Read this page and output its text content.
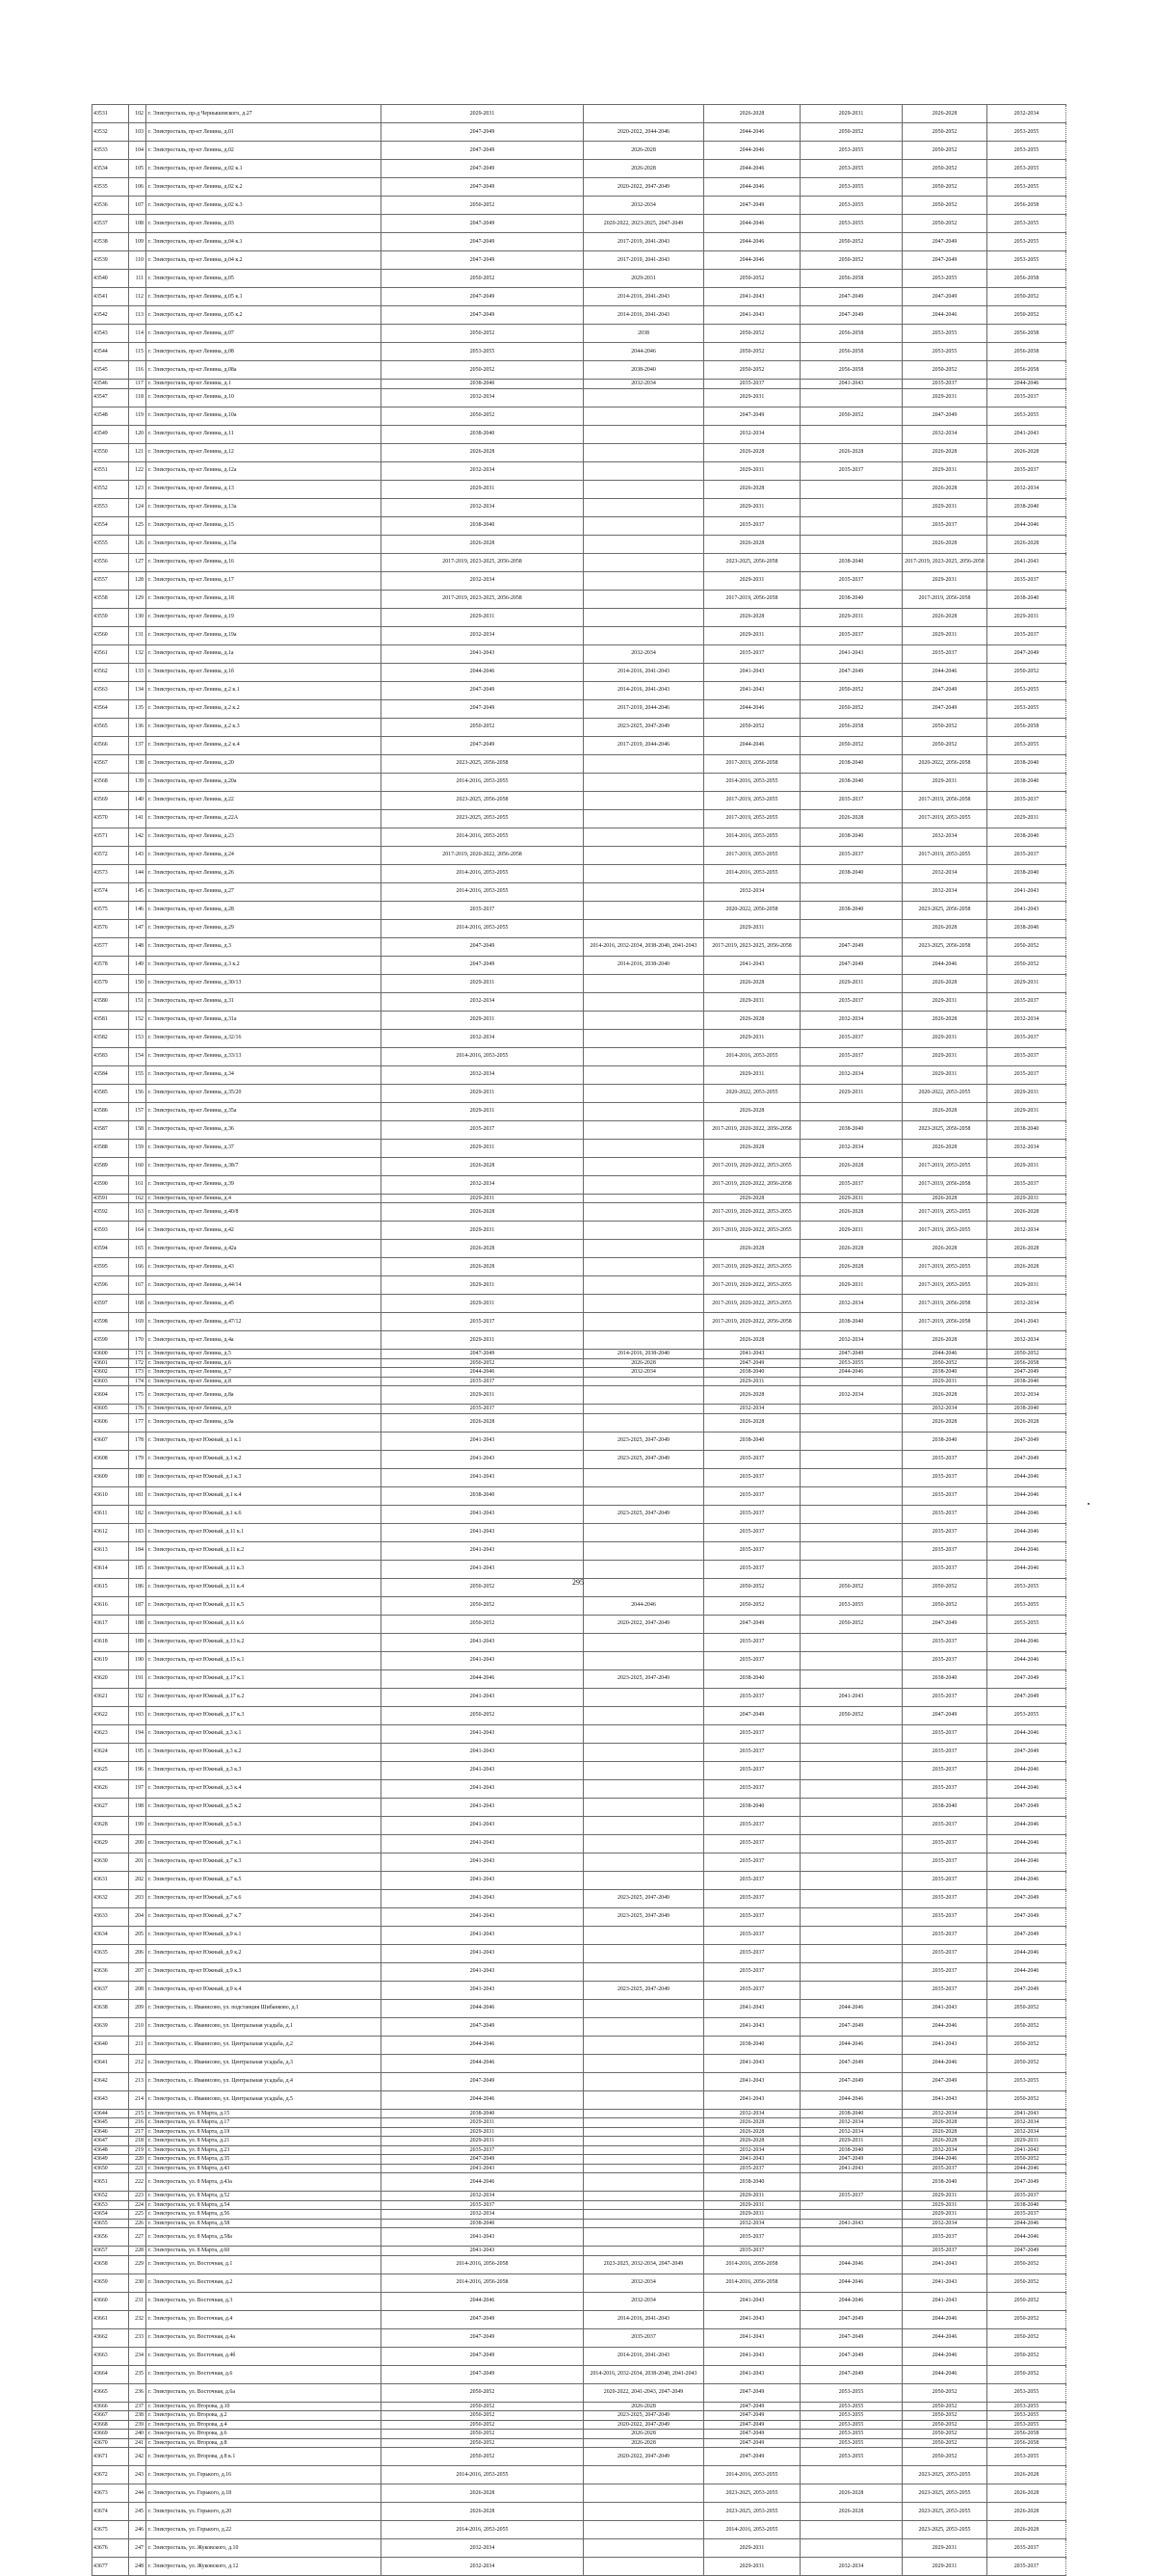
43531	102	г. Электросталь, пр-д Чернышевского, д.27	2029-2031		2026-2028	2029-2031	2026-2028	2032-2034
43532	103	г. Электросталь, пр-кт Ленина, д.01	2047-2049	2020-2022, 2044-2046	2044-2046	2050-2052	2050-2052	2053-2055
43533	104	г. Электросталь, пр-кт Ленина, д.02	2047-2049	2026-2028	2044-2046	2053-2055	2050-2052	2053-2055
43534	105	г. Электросталь, пр-кт Ленина, д.02 к.1	2047-2049	2026-2028	2044-2046	2053-2055	2050-2052	2053-2055
43535	106	г. Электросталь, пр-кт Ленина, д.02 к.2	2047-2049	2020-2022, 2047-2049	2044-2046	2053-2055	2050-2052	2053-2055
43536	107	г. Электросталь, пр-кт Ленина, д.02 к.3	2050-2052	2032-2034	2047-2049	2053-2055	2050-2052	2056-2058
43537	108	г. Электросталь, пр-кт Ленина, д.03	2047-2049	2020-2022, 2023-2025, 2047-2049	2044-2046	2053-2055	2050-2052	2053-2055
43538	109	г. Электросталь, пр-кт Ленина, д.04 к.1	2047-2049	2017-2019, 2041-2043	2044-2046	2050-2052	2047-2049	2053-2055
43539	110	г. Электросталь, пр-кт Ленина, д.04 к.2	2047-2049	2017-2019, 2041-2043	2044-2046	2050-2052	2047-2049	2053-2055
43540	111	г. Электросталь, пр-кт Ленина, д.05	2050-2052	2029-2031	2050-2052	2056-2058	2053-2055	2056-2058
43541	112	г. Электросталь, пр-кт Ленина, д.05 к.1	2047-2049	2014-2016, 2041-2043	2041-2043	2047-2049	2047-2049	2050-2052
43542	113	г. Электросталь, пр-кт Ленина, д.05 к.2	2047-2049	2014-2016, 2041-2043	2041-2043	2047-2049	2044-2046	2050-2052
43543	114	г. Электросталь, пр-кт Ленина, д.07	2050-2052	2038	2050-2052	2056-2058	2053-2055	2056-2058
43544	115	г. Электросталь, пр-кт Ленина, д.08	2053-2055	2044-2046	2050-2052	2056-2058	2053-2055	2056-2058
43545	116	г. Электросталь, пр-кт Ленина, д.08а	2050-2052	2038-2040	2050-2052	2056-2058	2050-2052	2056-2058
43546	117	г. Электросталь, пр-кт Ленина, д.1	2038-2040	2032-2034	2035-2037	2041-2043	2035-2037	2044-2046
43547	118	г. Электросталь, пр-кт Ленина, д.10	2032-2034		2029-2031		2029-2031	2035-2037
43548	119	г. Электросталь, пр-кт Ленина, д.10а	2050-2052		2047-2049	2050-2052	2047-2049	2053-2055
43549	120	г. Электросталь, пр-кт Ленина, д.11	2038-2040		2032-2034		2032-2034	2041-2043
43550	121	г. Электросталь, пр-кт Ленина, д.12	2026-2028		2026-2028	2026-2028	2026-2028	2026-2028
43551	122	г. Электросталь, пр-кт Ленина, д.12а	2032-2034		2029-2031	2035-2037	2029-2031	2035-2037
43552	123	г. Электросталь, пр-кт Ленина, д.13	2029-2031		2026-2028		2026-2028	2032-2034
43553	124	г. Электросталь, пр-кт Ленина, д.13а	2032-2034		2029-2031		2029-2031	2038-2040
43554	125	г. Электросталь, пр-кт Ленина, д.15	2038-2040		2035-2037		2035-2037	2044-2046
43555	126	г. Электросталь, пр-кт Ленина, д.15а	2026-2028		2026-2028		2026-2028	2026-2028
43556	127	г. Электросталь, пр-кт Ленина, д.16	2017-2019, 2023-2025, 2056-2058		2023-2025, 2056-2058	2038-2040	2017-2019, 2023-2025, 2056-2058	2041-2043
43557	128	г. Электросталь, пр-кт Ленина, д.17	2032-2034		2029-2031	2035-2037	2029-2031	2035-2037
43558	129	г. Электросталь, пр-кт Ленина, д.18	2017-2019, 2023-2025, 2056-2058		2017-2019, 2056-2058	2038-2040	2017-2019, 2056-2058	2038-2040
43559	130	г. Электросталь, пр-кт Ленина, д.19	2029-2031		2026-2028	2029-2031	2026-2028	2029-2031
43560	131	г. Электросталь, пр-кт Ленина, д.19а	2032-2034		2029-2031	2035-2037	2029-2031	2035-2037
43561	132	г. Электросталь, пр-кт Ленина, д.1а	2041-2043	2032-2034	2035-2037	2041-2043	2035-2037	2047-2049
43562	133	г. Электросталь, пр-кт Ленина, д.1б	2044-2046	2014-2016, 2041-2043	2041-2043	2047-2049	2044-2046	2050-2052
43563	134	г. Электросталь, пр-кт Ленина, д.2 к.1	2047-2049	2014-2016, 2041-2043	2041-2043	2050-2052	2047-2049	2053-2055
43564	135	г. Электросталь, пр-кт Ленина, д.2 к.2	2047-2049	2017-2019, 2044-2046	2044-2046	2050-2052	2047-2049	2053-2055
43565	136	г. Электросталь, пр-кт Ленина, д.2 к.3	2050-2052	2023-2025, 2047-2049	2050-2052	2056-2058	2050-2052	2056-2058
43566	137	г. Электросталь, пр-кт Ленина, д.2 к.4	2047-2049	2017-2019, 2044-2046	2044-2046	2050-2052	2050-2052	2053-2055
43567	138	г. Электросталь, пр-кт Ленина, д.20	2023-2025, 2056-2058		2017-2019, 2056-2058	2038-2040	2020-2022, 2056-2058	2038-2040
43568	139	г. Электросталь, пр-кт Ленина, д.20а	2014-2016, 2053-2055		2014-2016, 2053-2055	2038-2040	2029-2031	2038-2040
43569	140	г. Электросталь, пр-кт Ленина, д.22	2023-2025, 2056-2058		2017-2019, 2053-2055	2035-2037	2017-2019, 2056-2058	2035-2037
43570	141	г. Электросталь, пр-кт Ленина, д.22А	2023-2025, 2053-2055		2017-2019, 2053-2055	2026-2028	2017-2019, 2053-2055	2029-2031
43571	142	г. Электросталь, пр-кт Ленина, д.23	2014-2016, 2053-2055		2014-2016, 2053-2055	2038-2040	2032-2034	2038-2040
43572	143	г. Электросталь, пр-кт Ленина, д.24	2017-2019, 2020-2022, 2056-2058		2017-2019, 2053-2055	2035-2037	2017-2019, 2053-2055	2035-2037
43573	144	г. Электросталь, пр-кт Ленина, д.26	2014-2016, 2053-2055		2014-2016, 2053-2055	2038-2040	2032-2034	2038-2040
43574	145	г. Электросталь, пр-кт Ленина, д.27	2014-2016, 2053-2055		2032-2034		2032-2034	2041-2043
43575	146	г. Электросталь, пр-кт Ленина, д.28	2035-2037		2020-2022, 2056-2058	2038-2040	2023-2025, 2056-2058	2041-2043
43576	147	г. Электросталь, пр-кт Ленина, д.29	2014-2016, 2053-2055		2029-2031		2026-2028	2038-2040
43577	148	г. Электросталь, пр-кт Ленина, д.3	2047-2049	2014-2016, 2032-2034, 2038-2040, 2041-2043	2017-2019, 2023-2025, 2056-2058	2047-2049	2023-2025, 2056-2058	2050-2052
43578	149	г. Электросталь, пр-кт Ленина, д.3 к.2	2047-2049	2014-2016, 2038-2040	2041-2043	2047-2049	2044-2046	2050-2052
43579	150	г. Электросталь, пр-кт Ленина, д.30/13	2029-2031		2026-2028	2029-2031	2026-2028	2029-2031
43580	151	г. Электросталь, пр-кт Ленина, д.31	2032-2034		2029-2031	2035-2037	2029-2031	2035-2037
43581	152	г. Электросталь, пр-кт Ленина, д.31а	2029-2031		2026-2028	2032-2034	2026-2028	2032-2034
43582	153	г. Электросталь, пр-кт Ленина, д.32/16	2032-2034		2029-2031	2035-2037	2029-2031	2035-2037
43583	154	г. Электросталь, пр-кт Ленина, д.33/13	2014-2016, 2053-2055		2014-2016, 2053-2055	2035-2037	2029-2031	2035-2037
43584	155	г. Электросталь, пр-кт Ленина, д.34	2032-2034		2029-2031	2032-2034	2029-2031	2035-2037
43585	156	г. Электросталь, пр-кт Ленина, д.35/20	2029-2031		2020-2022, 2053-2055	2029-2031	2020-2022, 2053-2055	2029-2031
43586	157	г. Электросталь, пр-кт Ленина, д.35а	2029-2031		2026-2028		2026-2028	2029-2031
43587	158	г. Электросталь, пр-кт Ленина, д.36	2035-2037		2017-2019, 2020-2022, 2056-2058	2038-2040	2023-2025, 2056-2058	2038-2040
43588	159	г. Электросталь, пр-кт Ленина, д.37	2029-2031		2026-2028	2032-2034	2026-2028	2032-2034
43589	160	г. Электросталь, пр-кт Ленина, д.38/7	2026-2028		2017-2019, 2020-2022, 2053-2055	2026-2028	2017-2019, 2053-2055	2029-2031
43590	161	г. Электросталь, пр-кт Ленина, д.39	2032-2034		2017-2019, 2020-2022, 2056-2058	2035-2037	2017-2019, 2056-2058	2035-2037
43591	162	г. Электросталь, пр-кт Ленина, д.4	2029-2031		2026-2028	2029-2031	2026-2028	2029-2031
43592	163	г. Электросталь, пр-кт Ленина, д.40/8	2026-2028		2017-2019, 2020-2022, 2053-2055	2026-2028	2017-2019, 2053-2055	2026-2028
43593	164	г. Электросталь, пр-кт Ленина, д.42	2029-2031		2017-2019, 2020-2022, 2053-2055	2029-2031	2017-2019, 2053-2055	2032-2034
43594	165	г. Электросталь, пр-кт Ленина, д.42а	2026-2028		2026-2028	2026-2028	2026-2028	2026-2028
43595	166	г. Электросталь, пр-кт Ленина, д.43	2026-2028		2017-2019, 2020-2022, 2053-2055	2026-2028	2017-2019, 2053-2055	2026-2028
43596	167	г. Электросталь, пр-кт Ленина, д.44/14	2029-2031		2017-2019, 2020-2022, 2053-2055	2029-2031	2017-2019, 2053-2055	2029-2031
43597	168	г. Электросталь, пр-кт Ленина, д.45	2029-2031		2017-2019, 2020-2022, 2053-2055	2032-2034	2017-2019, 2056-2058	2032-2034
43598	169	г. Электросталь, пр-кт Ленина, д.47/12	2035-2037		2017-2019, 2020-2022, 2056-2058	2038-2040	2017-2019, 2056-2058	2041-2043
43599	170	г. Электросталь, пр-кт Ленина, д.4а	2029-2031		2026-2028	2032-2034	2026-2028	2032-2034
43600	171	г. Электросталь, пр-кт Ленина, д.5	2047-2049	2014-2016, 2038-2040	2041-2043	2047-2049	2044-2046	2050-2052
43601	172	г. Электросталь, пр-кт Ленина, д.6	2050-2052	2026-2028	2047-2049	2053-2055	2050-2052	2056-2058
43602	173	г. Электросталь, пр-кт Ленина, д.7	2044-2046	2032-2034	2038-2040	2044-2046	2038-2040	2047-2049
43603	174	г. Электросталь, пр-кт Ленина, д.8	2035-2037		2029-2031		2029-2031	2038-2040
43604	175	г. Электросталь, пр-кт Ленина, д.8а	2029-2031		2026-2028	2032-2034	2026-2028	2032-2034
43605	176	г. Электросталь, пр-кт Ленина, д.9	2035-2037		2032-2034		2032-2034	2038-2040
43606	177	г. Электросталь, пр-кт Ленина, д.9а	2026-2028		2026-2028		2026-2028	2026-2028
43607	178	г. Электросталь, пр-кт Южный, д.1 к.1	2041-2043	2023-2025, 2047-2049	2038-2040		2038-2040	2047-2049
43608	179	г. Электросталь, пр-кт Южный, д.1 к.2	2041-2043	2023-2025, 2047-2049	2035-2037		2035-2037	2047-2049
43609	180	г. Электросталь, пр-кт Южный, д.1 к.3	2041-2043		2035-2037		2035-2037	2044-2046
43610	181	г. Электросталь, пр-кт Южный, д.1 к.4	2038-2040		2035-2037		2035-2037	2044-2046
43611	182	г. Электросталь, пр-кт Южный, д.1 к.6	2041-2043	2023-2025, 2047-2049	2035-2037		2035-2037	2044-2046
43612	183	г. Электросталь, пр-кт Южный, д.11 к.1	2041-2043		2035-2037		2035-2037	2044-2046
43613	184	г. Электросталь, пр-кт Южный, д.11 к.2	2041-2043		2035-2037		2035-2037	2044-2046
43614	185	г. Электросталь, пр-кт Южный, д.11 к.3	2041-2043		2035-2037		2035-2037	2044-2046
43615	186	г. Электросталь, пр-кт Южный, д.11 к.4	2050-2052		2050-2052	2050-2052	2050-2052	2053-2055
43616	187	г. Электросталь, пр-кт Южный, д.11 к.5	2050-2052	2044-2046	2050-2052	2053-2055	2050-2052	2053-2055
43617	188	г. Электросталь, пр-кт Южный, д.11 к.6	2050-2052	2020-2022, 2047-2049	2047-2049	2050-2052	2047-2049	2053-2055
43618	189	г. Электросталь, пр-кт Южный, д.13 к.2	2041-2043		2035-2037		2035-2037	2044-2046
43619	190	г. Электросталь, пр-кт Южный, д.15 к.1	2041-2043		2035-2037		2035-2037	2044-2046
43620	191	г. Электросталь, пр-кт Южный, д.17 к.1	2044-2046	2023-2025, 2047-2049	2038-2040		2038-2040	2047-2049
43621	192	г. Электросталь, пр-кт Южный, д.17 к.2	2041-2043		2035-2037	2041-2043	2035-2037	2047-2049
43622	193	г. Электросталь, пр-кт Южный, д.17 к.3	2050-2052		2047-2049	2050-2052	2047-2049	2053-2055
43623	194	г. Электросталь, пр-кт Южный, д.3 к.1	2041-2043		2035-2037		2035-2037	2044-2046
43624	195	г. Электросталь, пр-кт Южный, д.3 к.2	2041-2043		2035-2037		2035-2037	2047-2049
43625	196	г. Электросталь, пр-кт Южный, д.3 к.3	2041-2043		2035-2037		2035-2037	2044-2046
43626	197	г. Электросталь, пр-кт Южный, д.3 к.4	2041-2043		2035-2037		2035-2037	2044-2046
43627	198	г. Электросталь, пр-кт Южный, д.5 к.2	2041-2043		2038-2040		2038-2040	2047-2049
43628	199	г. Электросталь, пр-кт Южный, д.5 к.3	2041-2043		2035-2037		2035-2037	2044-2046
43629	200	г. Электросталь, пр-кт Южный, д.7 к.1	2041-2043		2035-2037		2035-2037	2044-2046
43630	201	г. Электросталь, пр-кт Южный, д.7 к.3	2041-2043		2035-2037		2035-2037	2044-2046
43631	202	г. Электросталь, пр-кт Южный, д.7 к.5	2041-2043		2035-2037		2035-2037	2044-2046
43632	203	г. Электросталь, пр-кт Южный, д.7 к.6	2041-2043	2023-2025, 2047-2049	2035-2037		2035-2037	2047-2049
43633	204	г. Электросталь, пр-кт Южный, д.7 к.7	2041-2043	2023-2025, 2047-2049	2035-2037		2035-2037	2047-2049
43634	205	г. Электросталь, пр-кт Южный, д.9 к.1	2041-2043		2035-2037		2035-2037	2047-2049
43635	206	г. Электросталь, пр-кт Южный, д.9 к.2	2041-2043		2035-2037		2035-2037	2044-2046
43636	207	г. Электросталь, пр-кт Южный, д.9 к.3	2041-2043		2035-2037		2035-2037	2044-2046
43637	208	г. Электросталь, пр-кт Южный, д.9 к.4	2041-2043	2023-2025, 2047-2049	2035-2037		2035-2037	2047-2049
43638	209	г. Электросталь, с. Иванисово, ул. подстанция Шибанково, д.1	2044-2046		2041-2043	2044-2046	2041-2043	2050-2052
43639	210	г. Электросталь, с. Иванисово, ул. Центральная усадьба, д.1	2047-2049		2041-2043	2047-2049	2044-2046	2050-2052
43640	211	г. Электросталь, с. Иванисово, ул. Центральная усадьба, д.2	2044-2046		2038-2040	2044-2046	2041-2043	2050-2052
43641	212	г. Электросталь, с. Иванисово, ул. Центральная усадьба, д.3	2044-2046		2041-2043	2047-2049	2044-2046	2050-2052
43642	213	г. Электросталь, с. Иванисово, ул. Центральная усадьба, д.4	2047-2049		2041-2043	2047-2049	2047-2049	2053-2055
43643	214	г. Электросталь, с. Иванисово, ул. Центральная усадьба, д.5	2044-2046		2041-2043	2044-2046	2041-2043	2050-2052
43644	215	г. Электросталь, ул. 8 Марта, д.15	2038-2040		2032-2034	2038-2040	2032-2034	2041-2043
43645	216	г. Электросталь, ул. 8 Марта, д.17	2029-2031		2026-2028	2032-2034	2026-2028	2032-2034
43646	217	г. Электросталь, ул. 8 Марта, д.19	2029-2031		2026-2028	2032-2034	2026-2028	2032-2034
43647	218	г. Электросталь, ул. 8 Марта, д.21	2029-2031		2026-2028	2029-2031	2026-2028	2029-2031
43648	219	г. Электросталь, ул. 8 Марта, д.23	2035-2037		2032-2034	2038-2040	2032-2034	2041-2043
43649	220	г. Электросталь, ул. 8 Марта, д.35	2047-2049		2041-2043	2047-2049	2044-2046	2050-2052
43650	221	г. Электросталь, ул. 8 Марта, д.43	2041-2043		2035-2037	2041-2043	2035-2037	2044-2046
43651	222	г. Электросталь, ул. 8 Марта, д.43а	2044-2046		2038-2040		2038-2040	2047-2049
43652	223	г. Электросталь, ул. 8 Марта, д.52	2032-2034		2029-2031	2035-2037	2029-2031	2035-2037
43653	224	г. Электросталь, ул. 8 Марта, д.54	2035-2037		2029-2031		2029-2031	2038-2040
43654	225	г. Электросталь, ул. 8 Марта, д.56	2032-2034		2029-2031		2029-2031	2035-2037
43655	226	г. Электросталь, ул. 8 Марта, д.58	2038-2040		2032-2034	2041-2043	2032-2034	2044-2046
43656	227	г. Электросталь, ул. 8 Марта, д.58а	2041-2043		2035-2037		2035-2037	2044-2046
43657	228	г. Электросталь, ул. 8 Марта, д.60	2041-2043		2035-2037		2035-2037	2047-2049
43658	229	г. Электросталь, ул. Восточная, д.1	2014-2016, 2056-2058	2023-2025, 2032-2034, 2047-2049	2014-2016, 2056-2058	2044-2046	2041-2043	2050-2052
43659	230	г. Электросталь, ул. Восточная, д.2	2014-2016, 2056-2058	2032-2034	2014-2016, 2056-2058	2044-2046	2041-2043	2050-2052
43660	231	г. Электросталь, ул. Восточная, д.3	2044-2046	2032-2034	2041-2043	2044-2046	2041-2043	2050-2052
43661	232	г. Электросталь, ул. Восточная, д.4	2047-2049	2014-2016, 2041-2043	2041-2043	2047-2049	2044-2046	2050-2052
43662	233	г. Электросталь, ул. Восточная, д.4а	2047-2049	2035-2037	2041-2043	2047-2049	2044-2046	2050-2052
43663	234	г. Электросталь, ул. Восточная, д.4б	2047-2049	2014-2016, 2041-2043	2041-2043	2047-2049	2044-2046	2050-2052
43664	235	г. Электросталь, ул. Восточная, д.6	2047-2049	2014-2016, 2032-2034, 2038-2040, 2041-2043	2041-2043	2047-2049	2044-2046	2050-2052
43665	236	г. Электросталь, ул. Восточная, д.6а	2050-2052	2020-2022, 2041-2043, 2047-2049	2047-2049	2053-2055	2050-2052	2053-2055
43666	237	г. Электросталь, ул. Второва, д.10	2050-2052	2026-2028	2047-2049	2053-2055	2050-2052	2053-2055
43667	238	г. Электросталь, ул. Второва, д.2	2050-2052	2023-2025, 2047-2049	2047-2049	2053-2055	2050-2052	2053-2055
43668	239	г. Электросталь, ул. Второва, д.4	2050-2052	2020-2022, 2047-2049	2047-2049	2053-2055	2050-2052	2053-2055
43669	240	г. Электросталь, ул. Второва, д.6	2050-2052	2026-2028	2047-2049	2053-2055	2050-2052	2056-2058
43670	241	г. Электросталь, ул. Второва, д.8	2050-2052	2026-2028	2047-2049	2053-2055	2050-2052	2056-2058
43671	242	г. Электросталь, ул. Второва, д.8 к.1	2050-2052	2020-2022, 2047-2049	2047-2049	2053-2055	2050-2052	2053-2055
43672	243	г. Электросталь, ул. Горького, д.16	2014-2016, 2053-2055		2014-2016, 2053-2055		2023-2025, 2053-2055	2026-2028
43673	244	г. Электросталь, ул. Горького, д.18	2026-2028		2023-2025, 2053-2055	2026-2028	2023-2025, 2053-2055	2026-2028
43674	245	г. Электросталь, ул. Горького, д.20	2026-2028		2023-2025, 2053-2055	2026-2028	2023-2025, 2053-2055	2026-2028
43675	246	г. Электросталь, ул. Горького, д.22	2014-2016, 2053-2055		2014-2016, 2053-2055		2023-2025, 2053-2055	2026-2028
43676	247	г. Электросталь, ул. Жуковского, д.10	2032-2034		2029-2031		2029-2031	2035-2037
43677	248	г. Электросталь, ул. Жуковского, д.12	2032-2034		2029-2031	2032-2034	2029-2031	2035-2037
295
